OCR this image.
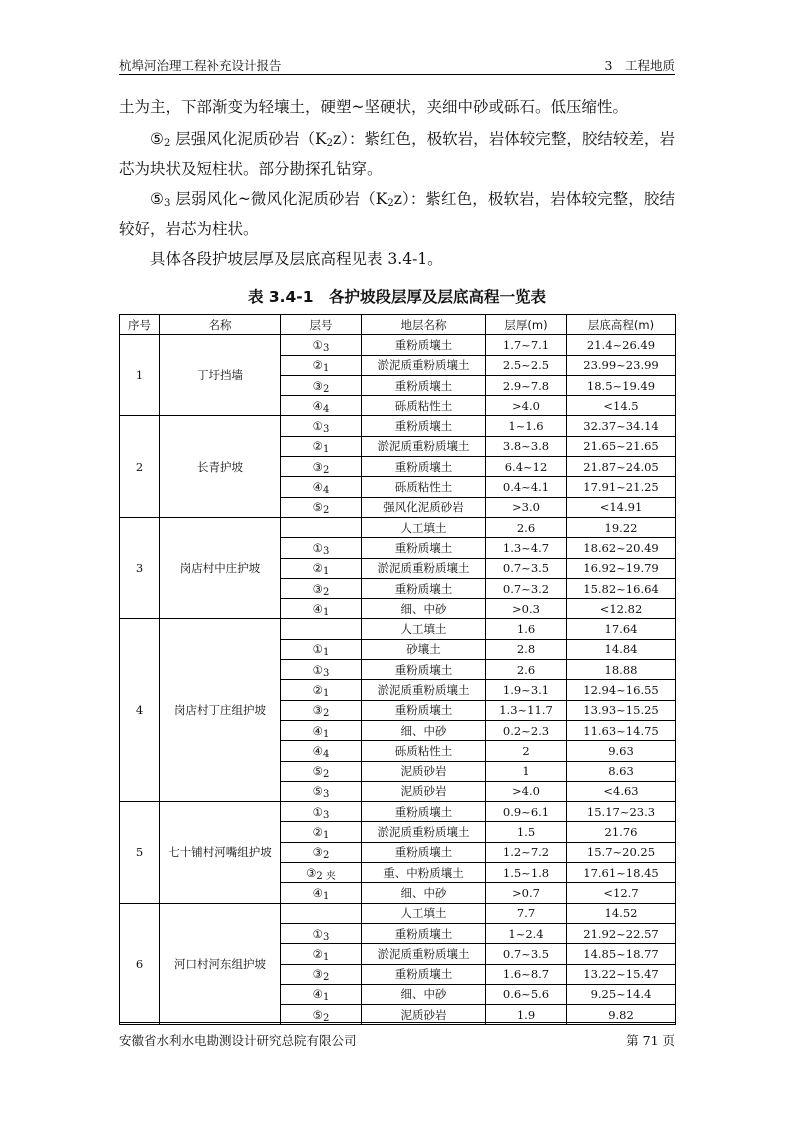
杭埠河治理工程补充设计报告	3　工程地质

土为主，下部渐变为轻壤土，硬塑~坚硬状，夹细中砂或砾石。低压缩性。

$⑤_2$ 层强风化泥质砂岩$(K_2z)$：紫红色，极软岩，岩体较完整，胶结较差，岩芯为块状及短柱状。部分勘探孔钻穿。

$⑤_3$ 层弱风化~微风化泥质砂岩$(K_2z)$：紫红色，极软岩，岩体较完整，胶结较好，岩芯为柱状。

具体各段护坡层厚及层底高程见表 3.4-1。

表 3.4-1　各护坡段层厚及层底高程一览表
序号	名称	层号	地层名称	层厚(m)	层底高程(m)
1	丁圩挡墙	$①_3$	重粉质壤土	1.7~7.1	21.4~26.49
		$②_1$	淤泥质重粉质壤土	2.5~2.5	23.99~23.99
		$③_2$	重粉质壤土	2.9~7.8	18.5~19.49
		$④_4$	砾质粘性土	>4.0	<14.5
2	长青护坡	$①_3$	重粉质壤土	1~1.6	32.37~34.14
		$②_1$	淤泥质重粉质壤土	3.8~3.8	21.65~21.65
		$③_2$	重粉质壤土	6.4~12	21.87~24.05
		$④_4$	砾质粘性土	0.4~4.1	17.91~21.25
		$⑤_2$	强风化泥质砂岩	>3.0	<14.91
3	岗店村中庄护坡		人工填土	2.6	19.22
		$①_3$	重粉质壤土	1.3~4.7	18.62~20.49
		$②_1$	淤泥质重粉质壤土	0.7~3.5	16.92~19.79
		$③_2$	重粉质壤土	0.7~3.2	15.82~16.64
		$④_1$	细、中砂	>0.3	<12.82
4	岗店村丁庄组护坡		人工填土	1.6	17.64
		$①_1$	砂壤土	2.8	14.84
		$①_3$	重粉质壤土	2.6	18.88
		$②_1$	淤泥质重粉质壤土	1.9~3.1	12.94~16.55
		$③_2$	重粉质壤土	1.3~11.7	13.93~15.25
		$④_1$	细、中砂	0.2~2.3	11.63~14.75
		$④_4$	砾质粘性土	2	9.63
		$⑤_2$	泥质砂岩	1	8.63
		$⑤_3$	泥质砂岩	>4.0	<4.63
5	七十铺村河嘴组护坡	$①_3$	重粉质壤土	0.9~6.1	15.17~23.3
		$②_1$	淤泥质重粉质壤土	1.5	21.76
		$③_2$	重粉质壤土	1.2~7.2	15.7~20.25
		$③_{2 夹}$	重、中粉质壤土	1.5~1.8	17.61~18.45
		$④_1$	细、中砂	>0.7	<12.7
6	河口村河东组护坡		人工填土	7.7	14.52
		$①_3$	重粉质壤土	1~2.4	21.92~22.57
		$②_1$	淤泥质重粉质壤土	0.7~3.5	14.85~18.77
		$③_2$	重粉质壤土	1.6~8.7	13.22~15.47
		$④_1$	细、中砂	0.6~5.6	9.25~14.4
		$⑤_2$	泥质砂岩	1.9	9.82
安徽省水利水电勘测设计研究总院有限公司	第 71 页
